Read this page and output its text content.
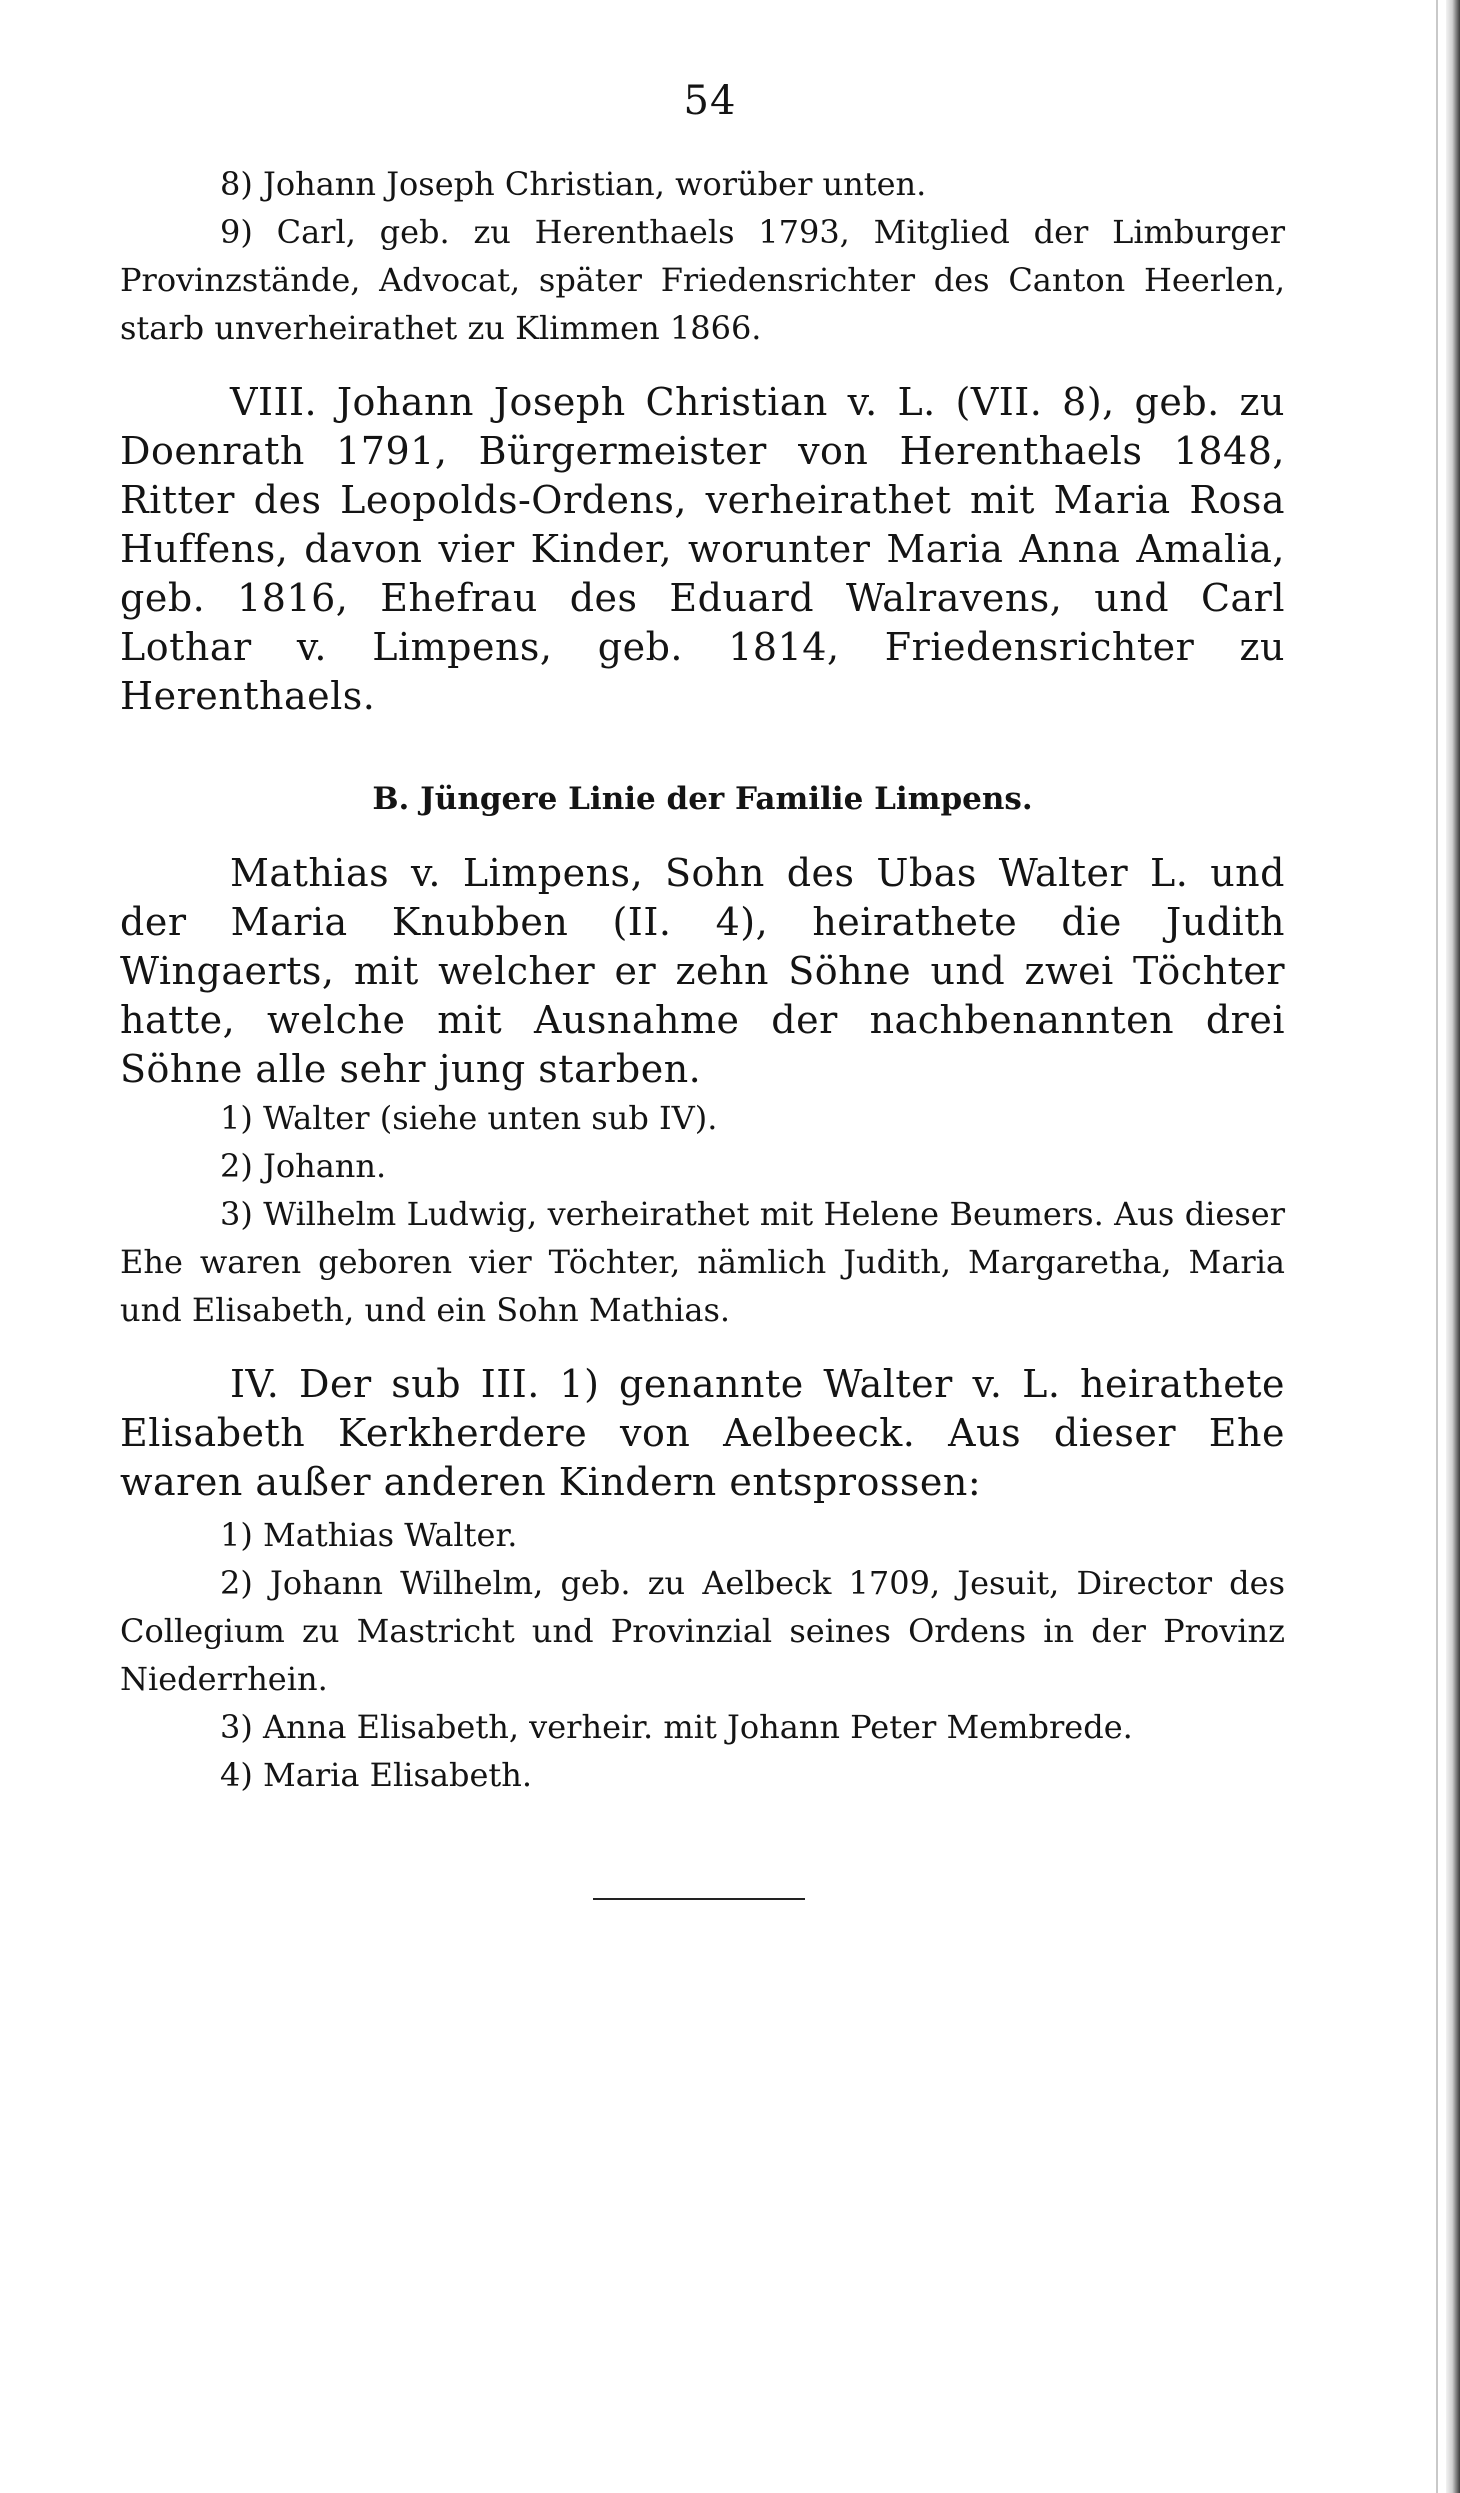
54

8) Johann Joseph Christian, worüber unten.

9) Carl, geb. zu Herenthaels 1793, Mitglied der Limburger Provinzstände, Advocat, später Friedensrichter des Canton Heerlen, starb unverheirathet zu Klimmen 1866.

VIII. Johann Joseph Christian v. L. (VII. 8), geb. zu Doenrath 1791, Bürgermeister von Herenthaels 1848, Ritter des Leopolds-Ordens, verheirathet mit Maria Rosa Huffens, davon vier Kinder, worunter Maria Anna Amalia, geb. 1816, Ehefrau des Eduard Walravens, und Carl Lothar v. Limpens, geb. 1814, Friedensrichter zu Herenthaels.

B. Jüngere Linie der Familie Limpens.

Mathias v. Limpens, Sohn des Ubas Walter L. und der Maria Knubben (II. 4), heirathete die Judith Wingaerts, mit welcher er zehn Söhne und zwei Töchter hatte, welche mit Ausnahme der nachbenannten drei Söhne alle sehr jung starben.

1) Walter (siehe unten sub IV).

2) Johann.

3) Wilhelm Ludwig, verheirathet mit Helene Beumers. Aus dieser Ehe waren geboren vier Töchter, nämlich Judith, Margaretha, Maria und Elisabeth, und ein Sohn Mathias.

IV. Der sub III. 1) genannte Walter v. L. heirathete Elisabeth Kerkherdere von Aelbeeck. Aus dieser Ehe waren außer anderen Kindern entsprossen:

1) Mathias Walter.

2) Johann Wilhelm, geb. zu Aelbeck 1709, Jesuit, Director des Collegium zu Mastricht und Provinzial seines Ordens in der Provinz Niederrhein.

3) Anna Elisabeth, verheir. mit Johann Peter Membrede.

4) Maria Elisabeth.
